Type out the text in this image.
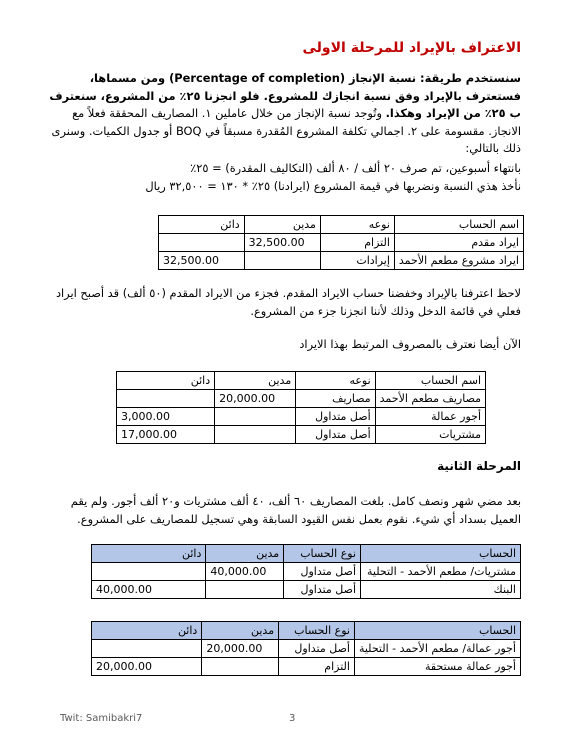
الاعتراف بالإيراد للمرحلة الاولى
سنستخدم طريقة: نسبة الإنجاز (Percentage of completion) ومن مسماها، فستعترف بالإيراد وفق نسبة انجازك للمشروع. فلو انجزنا ٢٥٪ من المشروع، سنعترف ب ٢٥٪ من الإيراد وهكذا. وتُوجد نسبة الإنجاز من خلال عاملين ١. المصاريف المحققة فعلاً مع الانجاز. مقسومة على ٢. اجمالي تكلفة المشروع المُقدرة مسبقاً في BOQ أو جدول الكميات. وسنرى ذلك بالتالي:
بانتهاء أسبوعين، تم صرف ٢٠ ألف / ٨٠ ألف (التكاليف المقدرة) = ٢٥٪
نأخذ هذي النسبة ونضربها في قيمة المشروع (ايرادنا) ٢٥٪ * ١٣٠ = ٣٢,٥٠٠ ريال
اسم الحساب	نوعه	مدين	دائن
ايراد مقدم	التزام	32,500.00	
ايراد مشروع مطعم الأحمد	إيرادات		32,500.00
لاحظ اعترفنا بالإيراد وخفضنا حساب الايراد المقدم. فجزء من الايراد المقدم (٥٠ ألف) قد أصبح ايراد فعلي في قائمة الدخل وذلك لأننا انجزنا جزء من المشروع.
الآن أيضا نعترف بالمصروف المرتبط بهذا الايراد
اسم الحساب	نوعه	مدين	دائن
مصاريف مطعم الأحمد	مصاريف	20,000.00	
أجور عمالة	أصل متداول		3,000.00
مشتريات	أصل متداول		17,000.00
المرحلة الثانية
بعد مضي شهر ونصف كامل. بلغت المصاريف ٦٠ ألف، ٤٠ ألف مشتريات و٢٠ ألف أجور. ولم يقم العميل بسداد أي شيء. نقوم بعمل نفس القيود السابقة وهي تسجيل للمصاريف على المشروع.
الحساب	نوع الحساب	مدين	دائن
مشتريات/ مطعم الأحمد - التحلية	أصل متداول	40,000.00	
البنك	أصل متداول		40,000.00
الحساب	نوع الحساب	مدين	دائن
أجور عمالة/ مطعم الأحمد - التحلية	أصل متداول	20,000.00	
أجور عمالة مستحقة	التزام		20,000.00
Twit: Samibakri7	3
